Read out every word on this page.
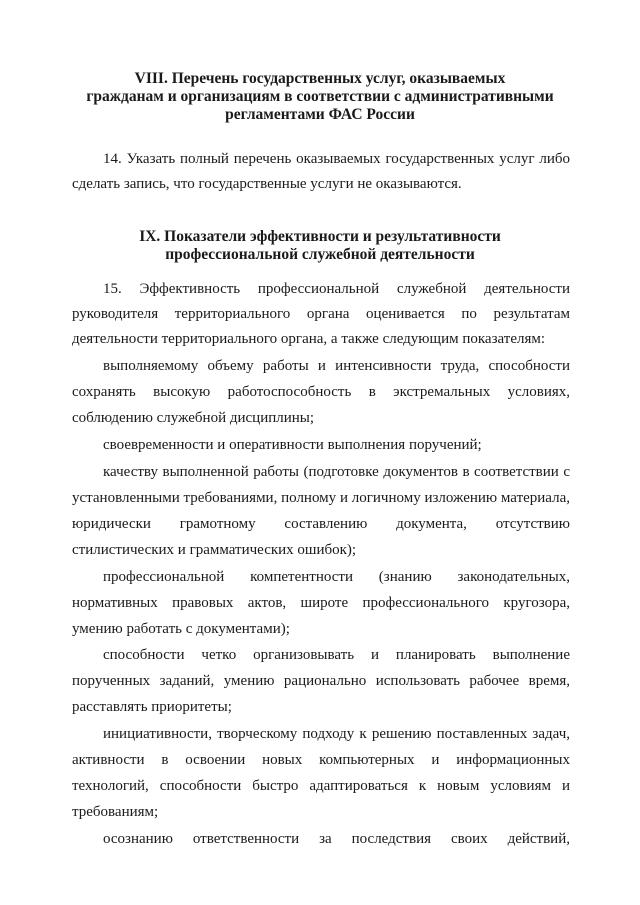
VIII. Перечень государственных услуг, оказываемых
гражданам и организациям в соответствии с административными
регламентами ФАС России
14. Указать полный перечень оказываемых государственных услуг либо
сделать запись, что государственные услуги не оказываются.
IX. Показатели эффективности и результативности
профессиональной служебной деятельности
15. Эффективность профессиональной служебной деятельности
руководителя территориального органа оценивается по результатам
деятельности территориального органа, а также следующим показателям:
выполняемому объему работы и интенсивности труда, способности
сохранять высокую работоспособность в экстремальных условиях,
соблюдению служебной дисциплины;
своевременности и оперативности выполнения поручений;
качеству выполненной работы (подготовке документов в соответствии с
установленными требованиями, полному и логичному изложению материала,
юридически грамотному составлению документа, отсутствию
стилистических и грамматических ошибок);
профессиональной компетентности (знанию законодательных,
нормативных правовых актов, широте профессионального кругозора,
умению работать с документами);
способности четко организовывать и планировать выполнение
порученных заданий, умению рационально использовать рабочее время,
расставлять приоритеты;
инициативности, творческому подходу к решению поставленных задач,
активности в освоении новых компьютерных и информационных
технологий, способности быстро адаптироваться к новым условиям и
требованиям;
осознанию ответственности за последствия своих действий,
